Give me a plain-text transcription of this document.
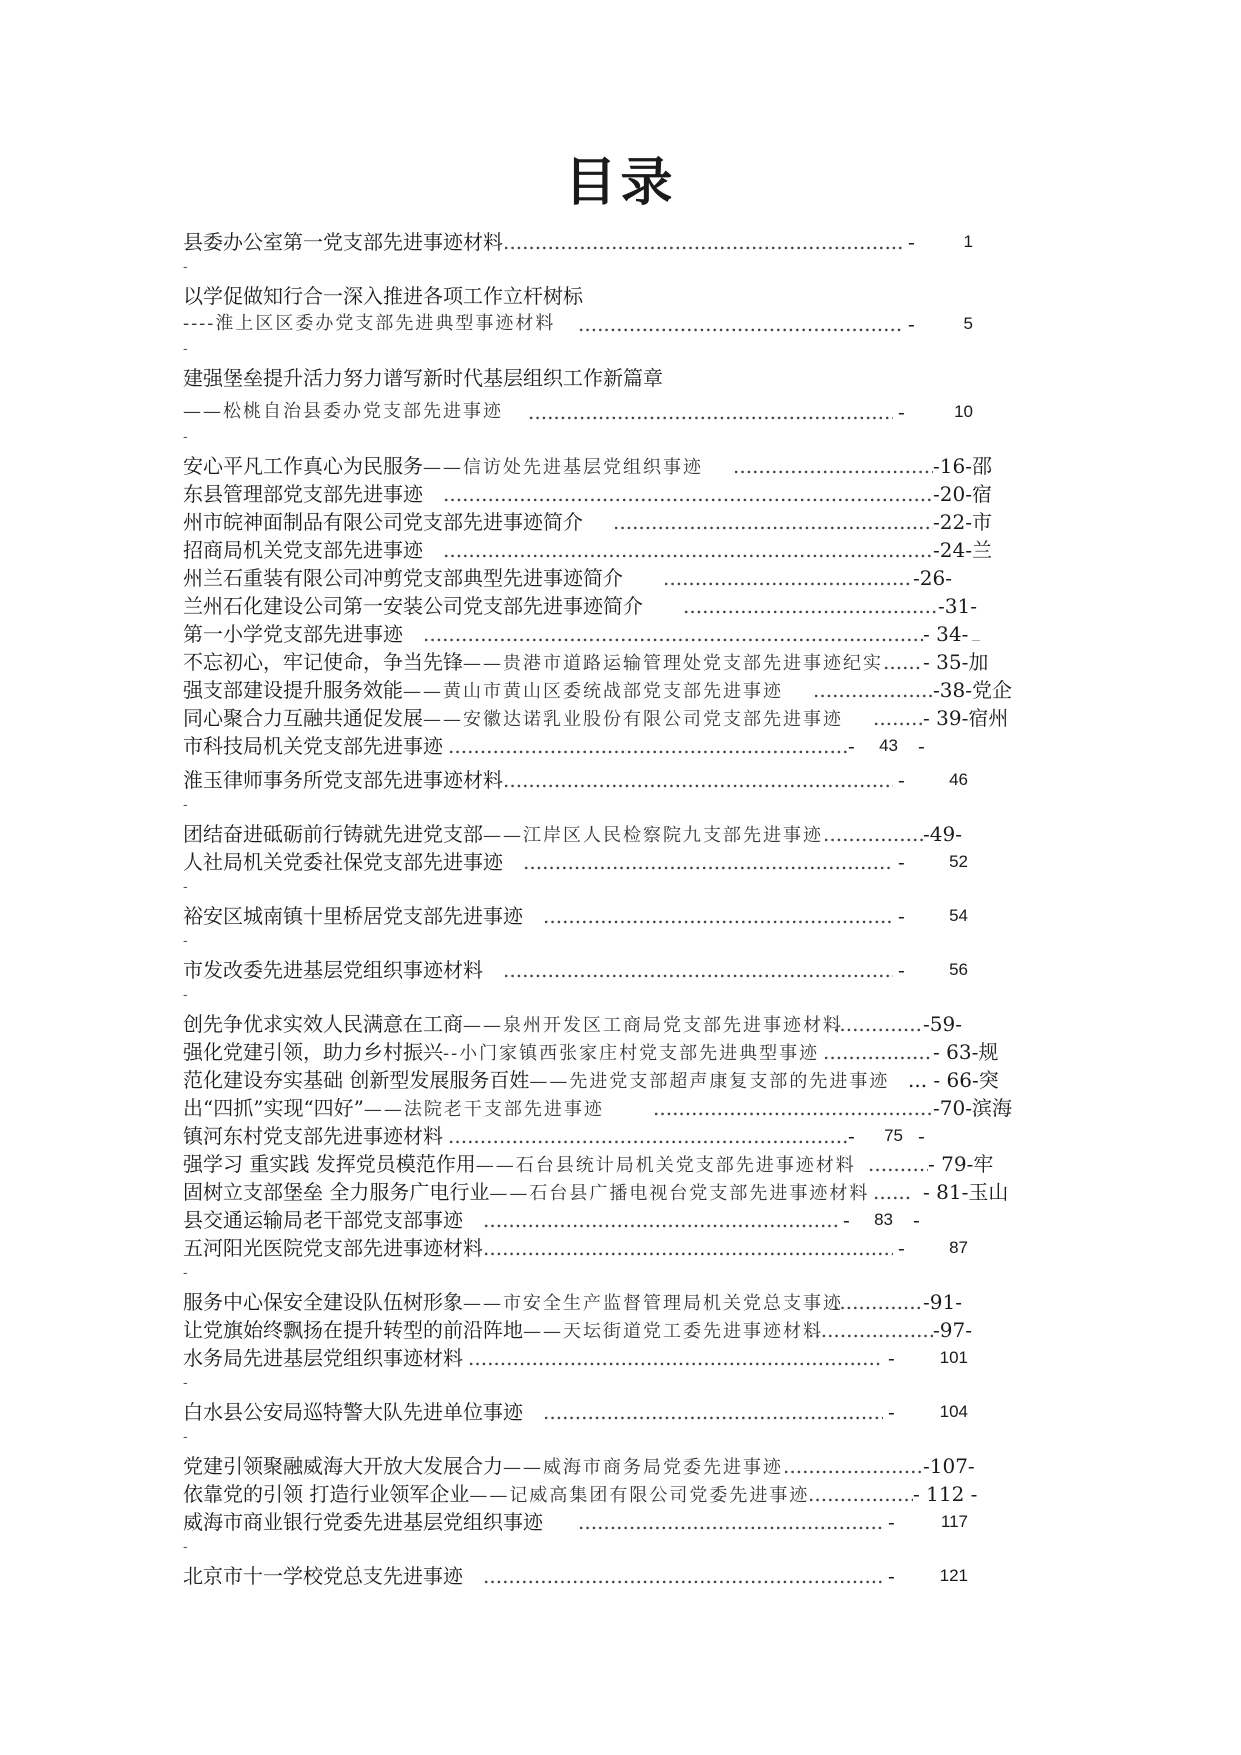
目录
县委办公室第一党支部先进事迹材料 .....	-	1
-
以学促做知行合一深入推进各项工作立杆树标
----淮上区区委办党支部先进典型事迹材料 .....	-	5
-
建强堡垒提升活力努力谱写新时代基层组织工作新篇章
——松桃自治县委办党支部先进事迹 .....	-	10
-
安心平凡工作真心为民服务——信访处先进基层党组织事迹 .....	-16-邵
东县管理部党支部先进事迹 .....	-20-宿
州市皖神面制品有限公司党支部先进事迹简介 .....	-22-市
招商局机关党支部先进事迹 .....	-24-兰
州兰石重装有限公司冲剪党支部典型先进事迹简介 .....	-26-
兰州石化建设公司第一安装公司党支部先进事迹简介 .....	-31-
第一小学党支部先进事迹 .....	- 34-
不忘初心，牢记使命，争当先锋——贵港市道路运输管理处党支部先进事迹纪实 ..... - 35-加
强支部建设提升服务效能——黄山市黄山区委统战部党支部先进事迹 .....	-38-党企
同心聚合力互融共通促发展——安徽达诺乳业股份有限公司党支部先进事迹 .....	- 39-宿州
市科技局机关党支部先进事迹 .....	-	43 -
淮玉律师事务所党支部先进事迹材料 .....	-	46
-
团结奋进砥砺前行铸就先进党支部——江岸区人民检察院九支部先进事迹 .....	-49-
人社局机关党委社保党支部先进事迹 .....	-	52
-
裕安区城南镇十里桥居党支部先进事迹 .....	-	54
-
市发改委先进基层党组织事迹材料 .....	-	56
-
创先争优求实效人民满意在工商——泉州开发区工商局党支部先进事迹材料 .....	-59-
强化党建引领，助力乡村振兴--小门家镇西张家庄村党支部先进典型事迹 .....	- 63-规
范化建设夯实基础 创新型发展服务百姓——先进党支部超声康复支部的先进事迹 ... - 66-突
出“四抓”实现“四好”——法院老干支部先进事迹 .....	-70-滨海
镇河东村党支部先进事迹材料 .....	-	75 -
强学习 重实践 发挥党员模范作用——石台县统计局机关党支部先进事迹材料 .....	- 79-牢
固树立支部堡垒 全力服务广电行业——石台县广播电视台党支部先进事迹材料 .....	- 81-玉山
县交通运输局老干部党支部事迹 .....	-	83 -
五河阳光医院党支部先进事迹材料 .....	-	87
-
服务中心保安全建设队伍树形象——市安全生产监督管理局机关党总支事迹 .....	-91-
让党旗始终飘扬在提升转型的前沿阵地——天坛街道党工委先进事迹材料 .....	-97-
水务局先进基层党组织事迹材料 .....	-	101
-
白水县公安局巡特警大队先进单位事迹 .....	-	104
-
党建引领聚融威海大开放大发展合力——威海市商务局党委先进事迹 .....	-107-
依靠党的引领 打造行业领军企业——记威高集团有限公司党委先进事迹 .....	- 112 -
威海市商业银行党委先进基层党组织事迹 .....	-	117
-
北京市十一学校党总支先进事迹 .....	-	121
